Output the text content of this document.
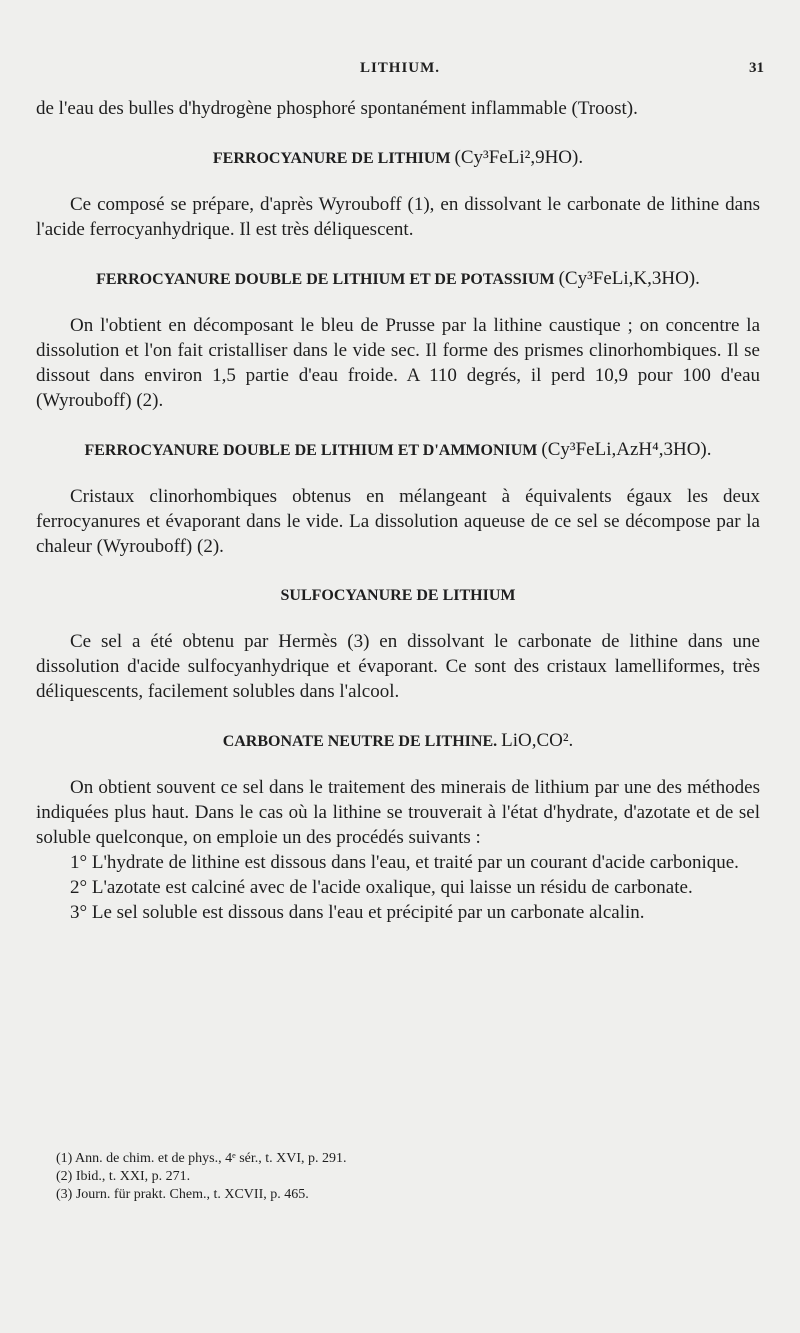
LITHIUM.	31

de l'eau des bulles d'hydrogène phosphoré spontanément inflammable (Troost).

FERROCYANURE DE LITHIUM (Cy³FeLi²,9HO).

Ce composé se prépare, d'après Wyrouboff (1), en dissolvant le carbonate de lithine dans l'acide ferrocyanhydrique. Il est très déliquescent.

FERROCYANURE DOUBLE DE LITHIUM ET DE POTASSIUM (Cy³FeLi,K,3HO).

On l'obtient en décomposant le bleu de Prusse par la lithine caustique ; on concentre la dissolution et l'on fait cristalliser dans le vide sec. Il forme des prismes clinorhombiques. Il se dissout dans environ 1,5 partie d'eau froide. A 110 degrés, il perd 10,9 pour 100 d'eau (Wyrouboff) (2).

FERROCYANURE DOUBLE DE LITHIUM ET D'AMMONIUM (Cy³FeLi,AzH⁴,3HO).

Cristaux clinorhombiques obtenus en mélangeant à équivalents égaux les deux ferrocyanures et évaporant dans le vide. La dissolution aqueuse de ce sel se décompose par la chaleur (Wyrouboff) (2).

SULFOCYANURE DE LITHIUM

Ce sel a été obtenu par Hermès (3) en dissolvant le carbonate de lithine dans une dissolution d'acide sulfocyanhydrique et évaporant. Ce sont des cristaux lamelliformes, très déliquescents, facilement solubles dans l'alcool.

CARBONATE NEUTRE DE LITHINE. LiO,CO².

On obtient souvent ce sel dans le traitement des minerais de lithium par une des méthodes indiquées plus haut. Dans le cas où la lithine se trouverait à l'état d'hydrate, d'azotate et de sel soluble quelconque, on emploie un des procédés suivants :

1° L'hydrate de lithine est dissous dans l'eau, et traité par un courant d'acide carbonique.

2° L'azotate est calciné avec de l'acide oxalique, qui laisse un résidu de carbonate.

3° Le sel soluble est dissous dans l'eau et précipité par un carbonate alcalin.

(1) Ann. de chim. et de phys., 4ᵉ sér., t. XVI, p. 291.
(2) Ibid., t. XXI, p. 271.
(3) Journ. für prakt. Chem., t. XCVII, p. 465.
